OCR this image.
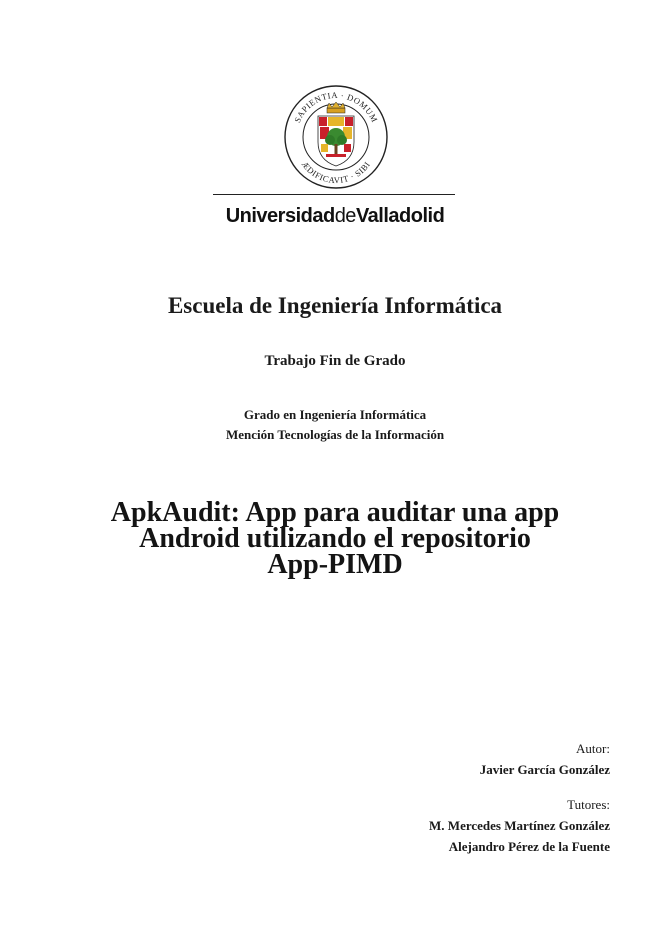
SAPIENTIA · DOMUM
ÆDIFICAVIT · SIBI
UniversidaddeValladolid
Escuela de Ingeniería Informática
Trabajo Fin de Grado
Grado en Ingeniería Informática
Mención Tecnologías de la Información
ApkAudit: App para auditar una app
Android utilizando el repositorio
App-PIMD
Autor:
Javier García González
Tutores:
M. Mercedes Martínez González
Alejandro Pérez de la Fuente
